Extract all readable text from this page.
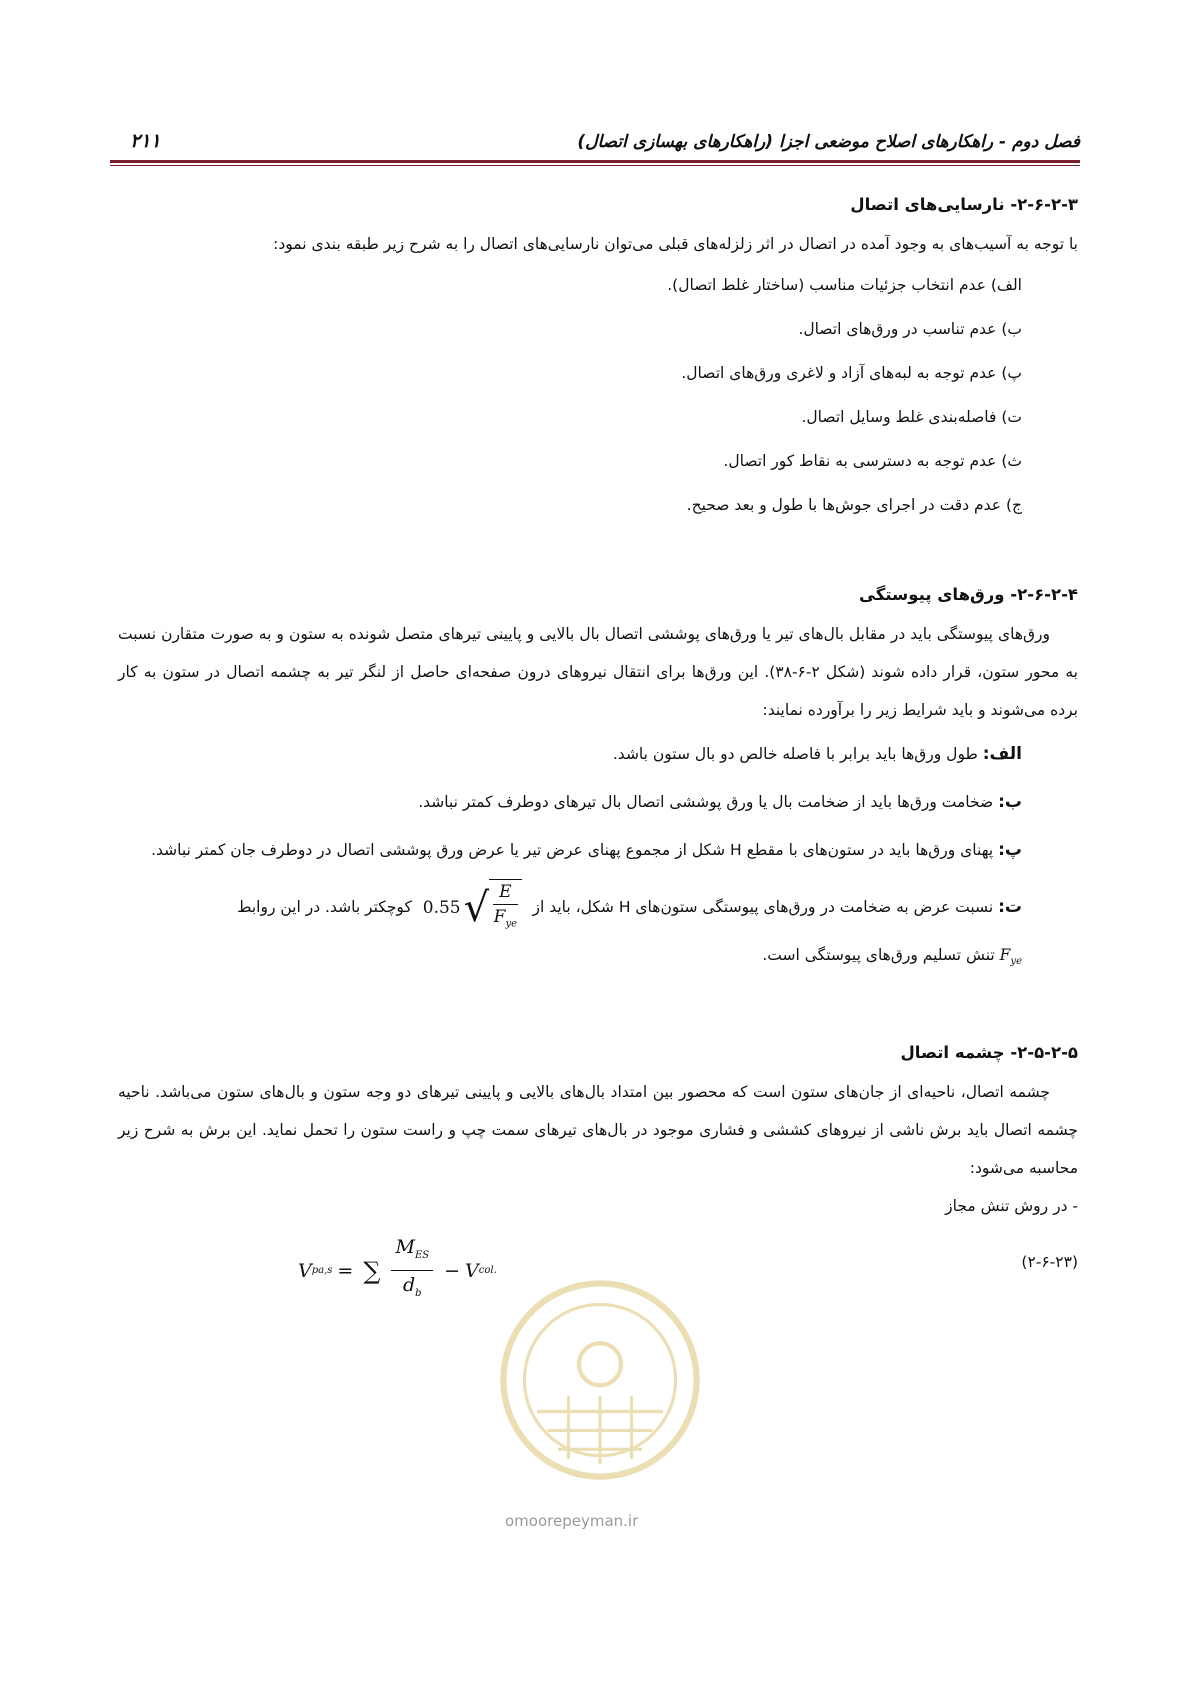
فصل دوم - راهکارهای اصلاح موضعی اجزا (راهکارهای بهسازی اتصال)
۲۱۱
۲-۶-۲-۳- نارسایی‌های اتصال

با توجه به آسیب‌های به وجود آمده در اتصال در اثر زلزله‌های قبلی می‌توان نارسایی‌های اتصال را به شرح زیر طبقه بندی نمود:

الف) عدم انتخاب جزئیات مناسب (ساختار غلط اتصال).
ب) عدم تناسب در ورق‌های اتصال.
پ) عدم توجه به لبه‌های آزاد و لاغری ورق‌های اتصال.
ت) فاصله‌بندی غلط وسایل اتصال.
ث) عدم توجه به دسترسی به نقاط کور اتصال.
ج) عدم دقت در اجرای جوش‌ها با طول و بعد صحیح.
۲-۶-۲-۴- ورق‌های پیوستگی

ورق‌های پیوستگی باید در مقابل بال‌های تیر یا ورق‌های پوششی اتصال بال بالایی و پایینی تیرهای متصل شونده به ستون و به صورت متقارن نسبت به محور ستون، قرار داده شوند (شکل ۲-۶-۳۸). این ورق‌ها برای انتقال نیروهای درون صفحه‌ای حاصل از لنگر تیر به چشمه اتصال در ستون به کار برده می‌شوند و باید شرایط زیر را برآورده نمایند:

الف: طول ورق‌ها باید برابر با فاصله خالص دو بال ستون باشد.
ب: ضخامت ورق‌ها باید از ضخامت بال یا ورق پوششی اتصال بال تیرهای دوطرف کمتر نباشد.
پ: پهنای ورق‌ها باید در ستون‌های با مقطع H شکل از مجموع پهنای عرض تیر یا عرض ورق پوششی اتصال در دوطرف جان کمتر نباشد.
ت: نسبت عرض به ضخامت در ورق‌های پیوستگی ستون‌های H شکل، باید از
0.55 √ $\frac{E}{F_{ye}}$
کوچکتر باشد. در این روابط
$F_{ye}$ تنش تسلیم ورق‌های پیوستگی است.
۲-۵-۲-۵- چشمه اتصال

چشمه اتصال، ناحیه‌ای از جان‌های ستون است که محصور بین امتداد بال‌های بالایی و پایینی تیرهای دو وجه ستون و بال‌های ستون می‌باشد. ناحیه چشمه اتصال باید برش ناشی از نیروهای کششی و فشاری موجود در بال‌های تیرهای سمت چپ و راست ستون را تحمل نماید. این برش به شرح زیر محاسبه می‌شود:

- در روش تنش مجاز

(۲-۶-۲۳)
V pa,s = ∑
$M_{ES}$
$d_b$
− V col.
omoorepeyman.ir
